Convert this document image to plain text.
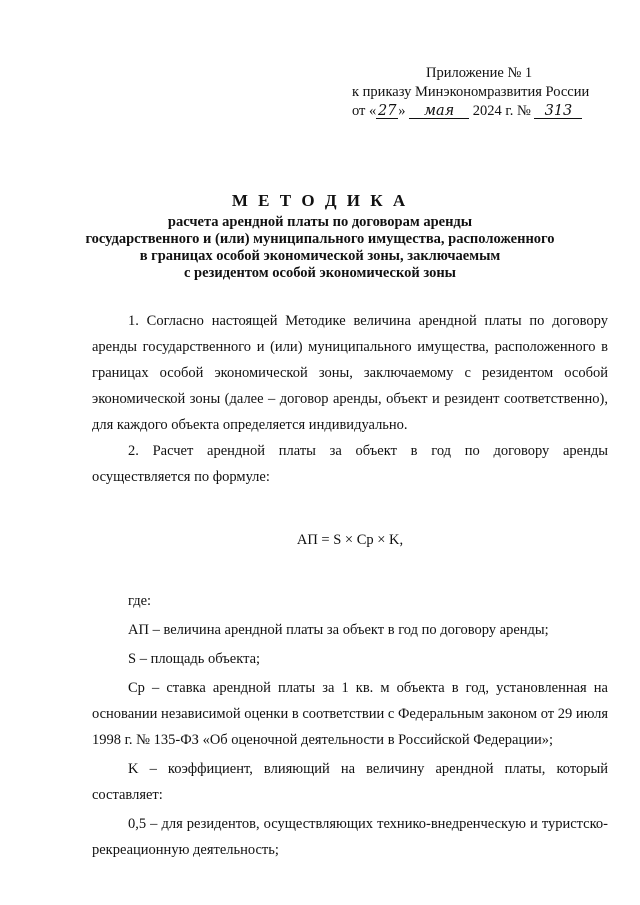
Приложение № 1
к приказу Минэкономразвития России
от « 27 » мая 2024 г. № 313
М Е Т О Д И К А
расчета арендной платы по договорам аренды
государственного и (или) муниципального имущества, расположенного
в границах особой экономической зоны, заключаемым
с резидентом особой экономической зоны

1. Согласно настоящей Методике величина арендной платы по договору аренды государственного и (или) муниципального имущества, расположенного в границах особой экономической зоны, заключаемому с резидентом особой экономической зоны (далее – договор аренды, объект и резидент соответственно), для каждого объекта определяется индивидуально.

2. Расчет арендной платы за объект в год по договору аренды осуществляется по формуле:

АП = S × Cр × K,

где:

АП – величина арендной платы за объект в год по договору аренды;

S – площадь объекта;

Cр – ставка арендной платы за 1 кв. м объекта в год, установленная на основании независимой оценки в соответствии с Федеральным законом от 29 июля 1998 г. № 135-ФЗ «Об оценочной деятельности в Российской Федерации»;

K – коэффициент, влияющий на величину арендной платы, который составляет:

0,5 – для резидентов, осуществляющих технико-внедренческую и туристско-рекреационную деятельность;
